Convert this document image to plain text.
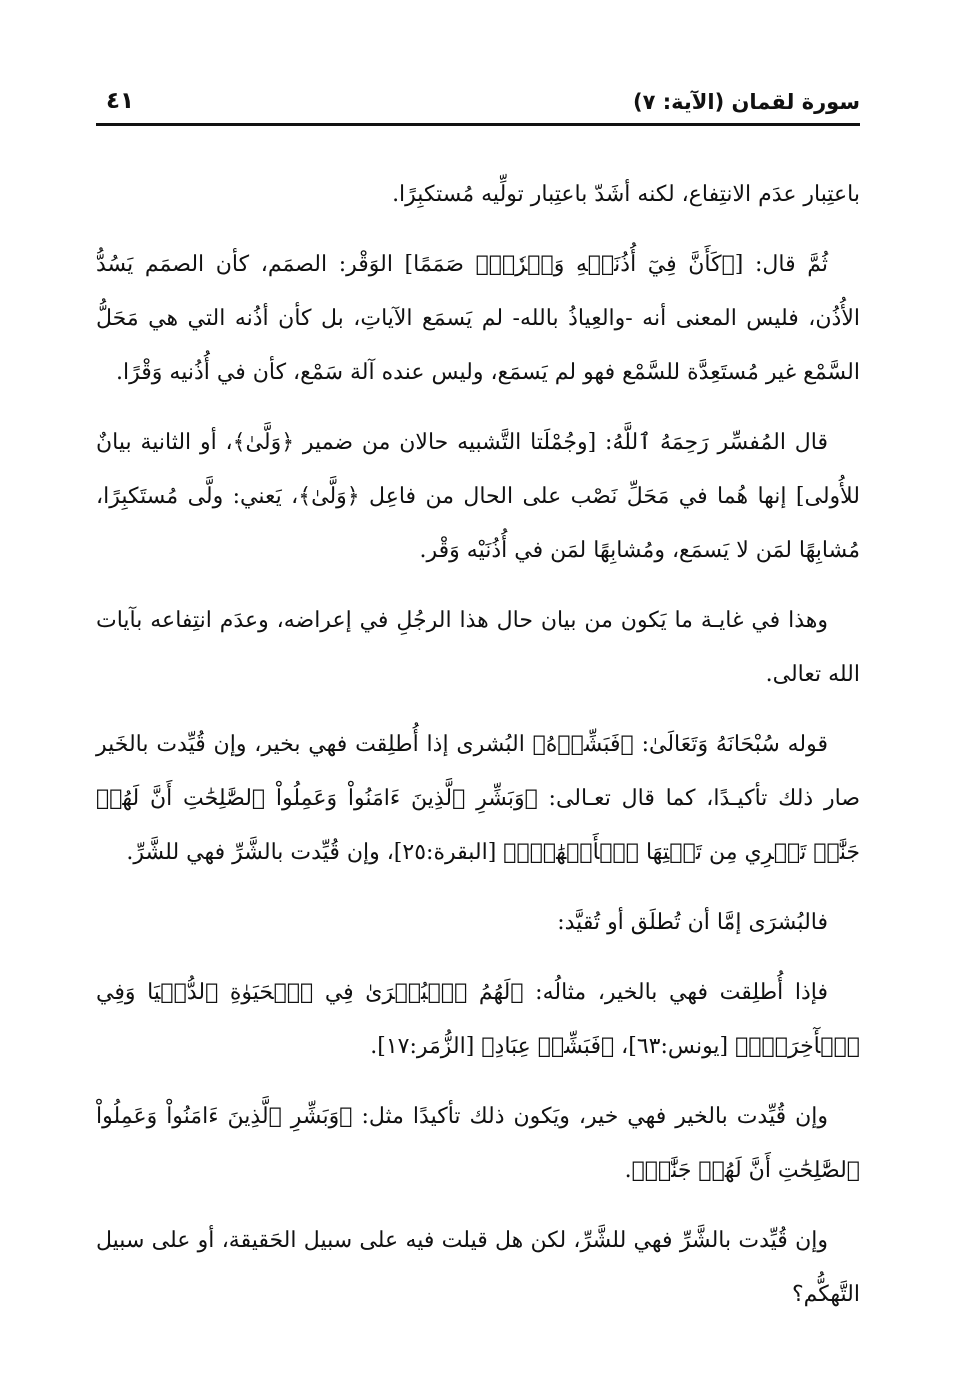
سورة لقمان (الآية: ٧)
٤١

باعتِبار عدَم الانتِفاع، لكنه أشَدّ باعتِبار تولِّيه مُستكبِرًا.

ثُمَّ قال: [﴿كَأَنَّ فِيٓ أُذُنَيۡهِ وَقۡرٗاۖ﴾ صَمَمًا] الوَقْر: الصمَم، كأن الصمَم يَسُدُّ الأُذُن، فليس المعنى أنه -والعِياذُ بالله- لم يَسمَع الآياتِ، بل كأن أذُنه التي هي مَحَلُّ السَّمْع غير مُستَعِدَّة للسَّمْع فهو لم يَسمَع، وليس عنده آلة سَمْع، كأن في أُذُنيه وَقْرًا.

قال المُفسِّر رَحِمَهُ ٱللَّهُ: [وجُمْلَتا التَّشبيه حالان من ضمير ﴿وَلَّىٰ﴾، أو الثانية بيانٌ للأُولى] إنها هُما في مَحَلِّ نَصْب على الحال من فاعِل ﴿وَلَّىٰ﴾، يَعني: ولَّى مُستَكبِرًا، مُشابِهًا لمَن لا يَسمَع، ومُشابِهًا لمَن في أُذُنَيْه وَقْر.

وهذا في غايـة ما يَكون من بيان حال هذا الرجُلِ في إعراضه، وعدَم انتِفاعه بآيات الله تعالى.

قوله سُبْحَانَهُ وَتَعَالَىٰ: ﴿فَبَشِّرۡهُ﴾ البُشرى إذا أُطلِقت فهي بخير، وإن قُيِّدت بالخَير صار ذلك تأكيـدًا، كما قال تعـالى: ﴿وَبَشِّرِ ٱلَّذِينَ ءَامَنُواْ وَعَمِلُواْ ٱلصَّٰلِحَٰتِ أَنَّ لَهُمۡ جَنَّٰتٖ تَجۡرِي مِن تَحۡتِهَا ٱلۡأَنۡهَٰرُۖ﴾ [البقرة:٢٥]، وإن قُيِّدت بالشَّرِّ فهي للشَّرِّ.

فالبُشرَى إمَّا أن تُطلَق أو تُقيَّد:

فإذا أُطلِقت فهي بالخير، مثالُه: ﴿لَهُمُ ٱلۡبُشۡرَىٰ فِي ٱلۡحَيَوٰةِ ٱلدُّنۡيَا وَفِي ٱلۡأٓخِرَةِۚ﴾ [يونس:٦٣]، ﴿فَبَشِّرۡ عِبَادِ﴾ [الزُّمَر:١٧].

وإن قُيِّدت بالخير فهي خير، ويَكون ذلك تأكيدًا مثل: ﴿وَبَشِّرِ ٱلَّذِينَ ءَامَنُواْ وَعَمِلُواْ ٱلصَّٰلِحَٰتِ أَنَّ لَهُمۡ جَنَّٰتٖ﴾.

وإن قُيِّدت بالشَّرِّ فهي للشَّرِّ، لكن هل قيلت فيه على سبيل الحَقيقة، أو على سبيل التَّهكُّم؟
